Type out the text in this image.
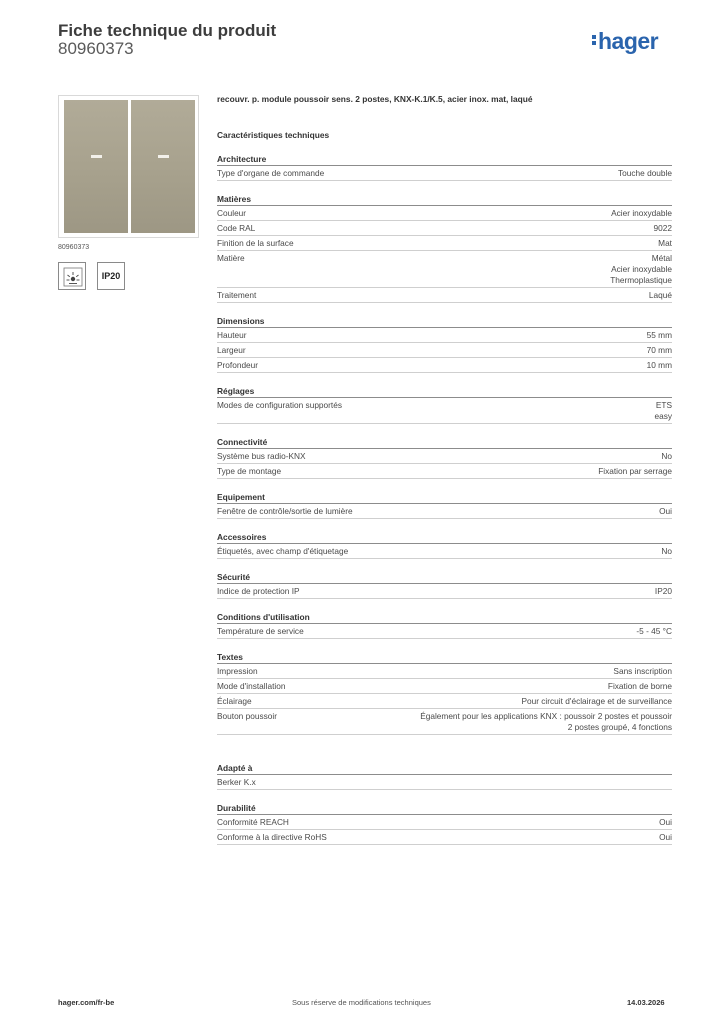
Fiche technique du produit
80960373	hager
80960373
IP20
recouvr. p. module poussoir sens. 2 postes, KNX-K.1/K.5, acier inox. mat, laqué
Caractéristiques techniques
Architecture
Type d'organe de commande	Touche double
Matières
Couleur	Acier inoxydable
Code RAL	9022
Finition de la surface	Mat
Matière	Métal
Acier inoxydable
Thermoplastique
Traitement	Laqué
Dimensions
Hauteur	55 mm
Largeur	70 mm
Profondeur	10 mm
Réglages
Modes de configuration supportés	ETS
easy
Connectivité
Système bus radio-KNX	No
Type de montage	Fixation par serrage
Equipement
Fenêtre de contrôle/sortie de lumière	Oui
Accessoires
Étiquetés, avec champ d'étiquetage	No
Sécurité
Indice de protection IP	IP20
Conditions d'utilisation
Température de service	-5 - 45 °C
Textes
Impression	Sans inscription
Mode d'installation	Fixation de borne
Éclairage	Pour circuit d'éclairage et de surveillance
Bouton poussoir	Également pour les applications KNX : poussoir 2 postes et poussoir
2 postes groupé, 4 fonctions
Adapté à
Berker K.x
Durabilité
Conformité REACH	Oui
Conforme à la directive RoHS	Oui
hager.com/fr-be	Sous réserve de modifications techniques	14.03.2026
